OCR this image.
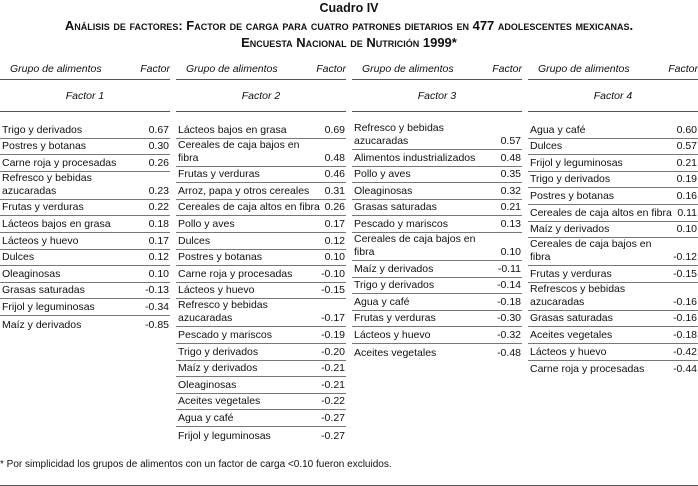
Cuadro IV
Análisis de factores: Factor de carga para cuatro patrones dietarios en 477 adolescentes mexicanas.
Encuesta Nacional de Nutrición 1999*
Grupo de alimentos	Factor
Factor 1
Trigo y derivados	0.67
Postres y botanas	0.30
Carne roja y procesadas	0.26
Refresco y bebidas azucaradas	0.23
Frutas y verduras	0.22
Lácteos bajos en grasa	0.18
Lácteos y huevo	0.17
Dulces	0.12
Oleaginosas	0.10
Grasas saturadas	-0.13
Frijol y leguminosas	-0.34
Maíz y derivados	-0.85
Grupo de alimentos	Factor
Factor 2
Lácteos bajos en grasa	0.69
Cereales de caja bajos en fibra	0.48
Frutas y verduras	0.46
Arroz, papa y otros cereales	0.31
Cereales de caja altos en fibra 0.26
Pollo y aves	0.17
Dulces	0.12
Postres y botanas	0.10
Carne roja y procesadas	-0.10
Lácteos y huevo	-0.15
Refresco y bebidas azucaradas	-0.17
Pescado y mariscos	-0.19
Trigo y derivados	-0.20
Maíz y derivados	-0.21
Oleaginosas	-0.21
Aceites vegetales	-0.22
Agua y café	-0.27
Frijol y leguminosas	-0.27
Grupo de alimentos	Factor
Factor 3
Refresco y bebidas azucaradas	0.57
Alimentos industrializados	0.48
Pollo y aves	0.35
Oleaginosas	0.32
Grasas saturadas	0.21
Pescado y mariscos	0.13
Cereales de caja bajos en fibra	0.10
Maíz y derivados	-0.11
Trigo y derivados	-0.14
Agua y café	-0.18
Frutas y verduras	-0.30
Lácteos y huevo	-0.32
Aceites vegetales	-0.48
Grupo de alimentos	Factor
Factor 4
Agua y café	0.60
Dulces	0.57
Frijol y leguminosas	0.21
Trigo y derivados	0.19
Postres y botanas	0.16
Cereales de caja altos en fibra 0.11
Maíz y derivados	0.10
Cereales de caja bajos en fibra	-0.12
Frutas y verduras	-0.15
Refrescos y bebidas azucaradas	-0.16
Grasas saturadas	-0.16
Aceites vegetales	-0.18
Lácteos y huevo	-0.42
Carne roja y procesadas	-0.44
* Por simplicidad los grupos de alimentos con un factor de carga <0.10 fueron excluidos.
